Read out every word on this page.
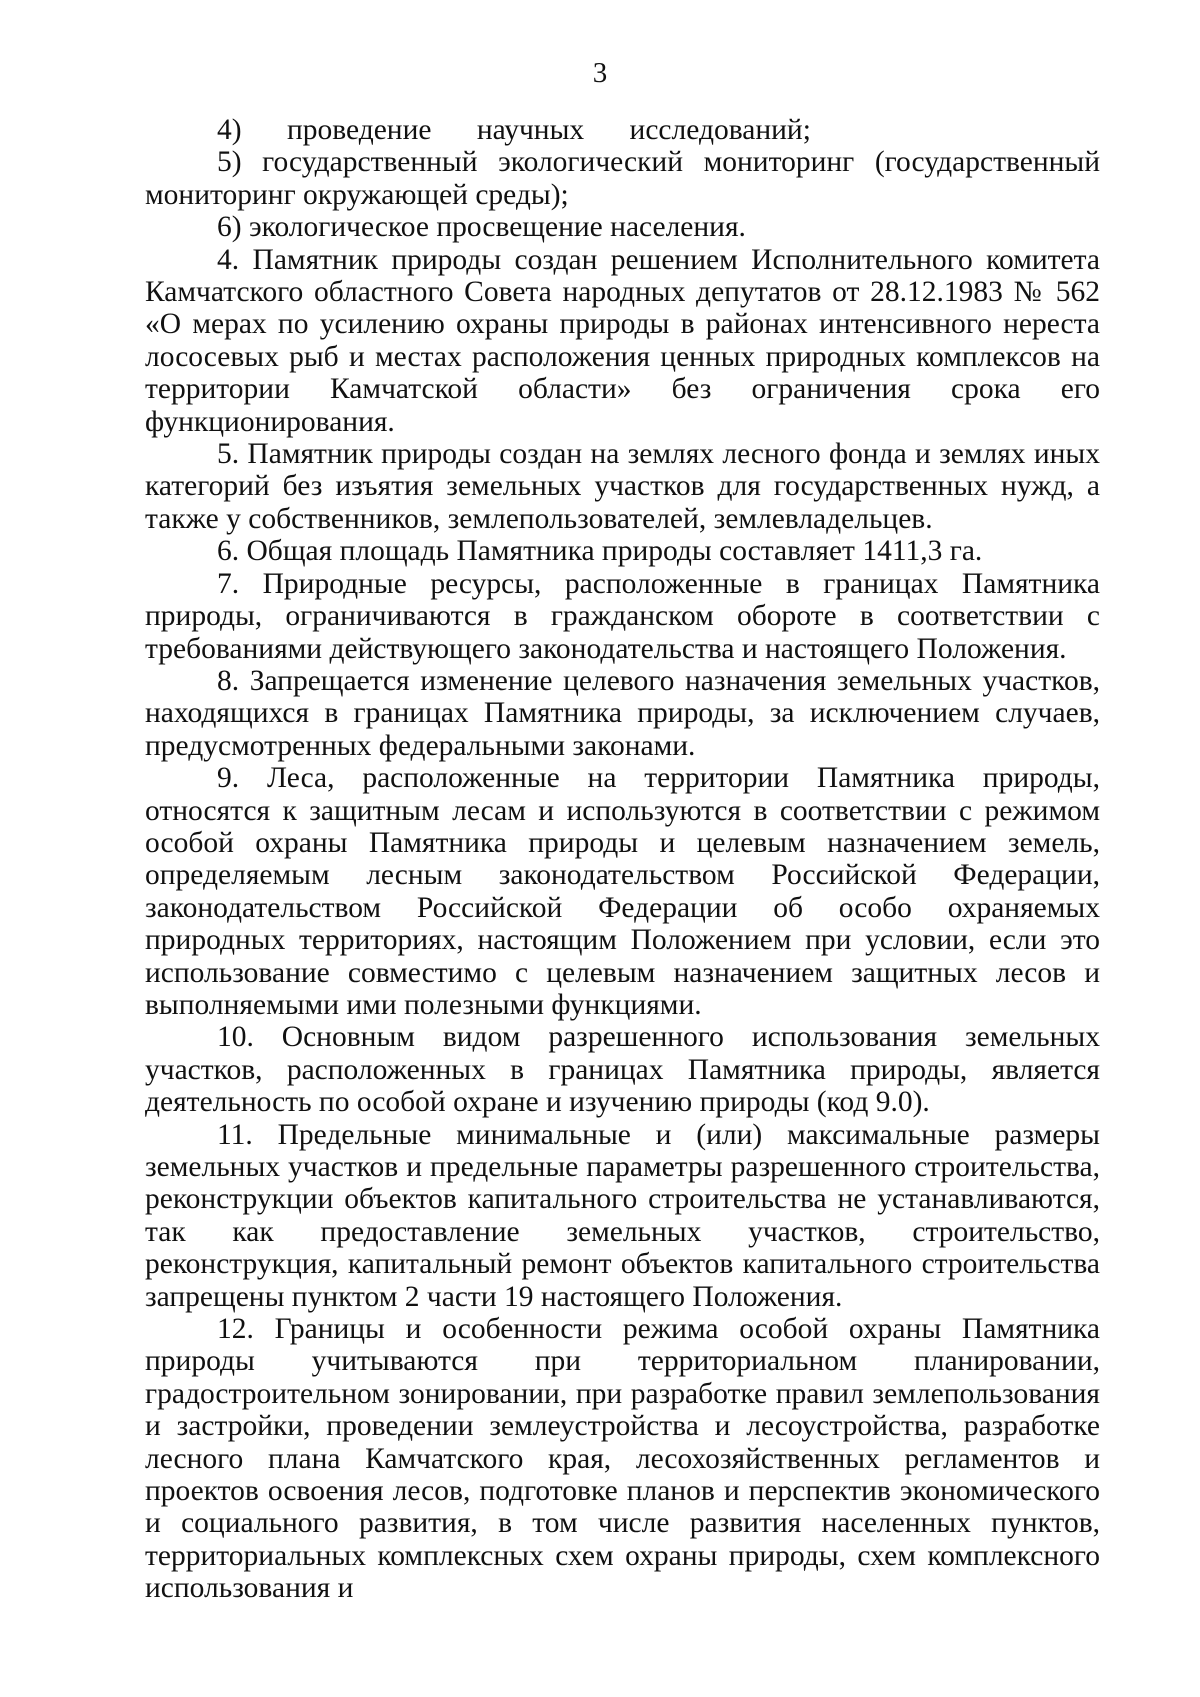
3

4) проведение научных исследований;

5) государственный экологический мониторинг (государственный мониторинг окружающей среды);

6) экологическое просвещение населения.

4. Памятник природы создан решением Исполнительного комитета Камчатского областного Совета народных депутатов от 28.12.1983 № 562 «О мерах по усилению охраны природы в районах интенсивного нереста лососевых рыб и местах расположения ценных природных комплексов на территории Камчатской области» без ограничения срока его функционирования.

5. Памятник природы создан на землях лесного фонда и землях иных категорий без изъятия земельных участков для государственных нужд, а также у собственников, землепользователей, землевладельцев.

6. Общая площадь Памятника природы составляет 1411,3 га.

7. Природные ресурсы, расположенные в границах Памятника природы, ограничиваются в гражданском обороте в соответствии с требованиями действующего законодательства и настоящего Положения.

8. Запрещается изменение целевого назначения земельных участков, находящихся в границах Памятника природы, за исключением случаев, предусмотренных федеральными законами.

9. Леса, расположенные на территории Памятника природы, относятся к защитным лесам и используются в соответствии с режимом особой охраны Памятника природы и целевым назначением земель, определяемым лесным законодательством Российской Федерации, законодательством Российской Федерации об особо охраняемых природных территориях, настоящим Положением при условии, если это использование совместимо с целевым назначением защитных лесов и выполняемыми ими полезными функциями.

10. Основным видом разрешенного использования земельных участков, расположенных в границах Памятника природы, является деятельность по особой охране и изучению природы (код 9.0).

11. Предельные минимальные и (или) максимальные размеры земельных участков и предельные параметры разрешенного строительства, реконструкции объектов капитального строительства не устанавливаются, так как предоставление земельных участков, строительство, реконструкция, капитальный ремонт объектов капитального строительства запрещены пунктом 2 части 19 настоящего Положения.

12. Границы и особенности режима особой охраны Памятника природы учитываются при территориальном планировании, градостроительном зонировании, при разработке правил землепользования и застройки, проведении землеустройства и лесоустройства, разработке лесного плана Камчатского края, лесохозяйственных регламентов и проектов освоения лесов, подготовке планов и перспектив экономического и социального развития, в том числе развития населенных пунктов, территориальных комплексных схем охраны природы, схем комплексного использования и
